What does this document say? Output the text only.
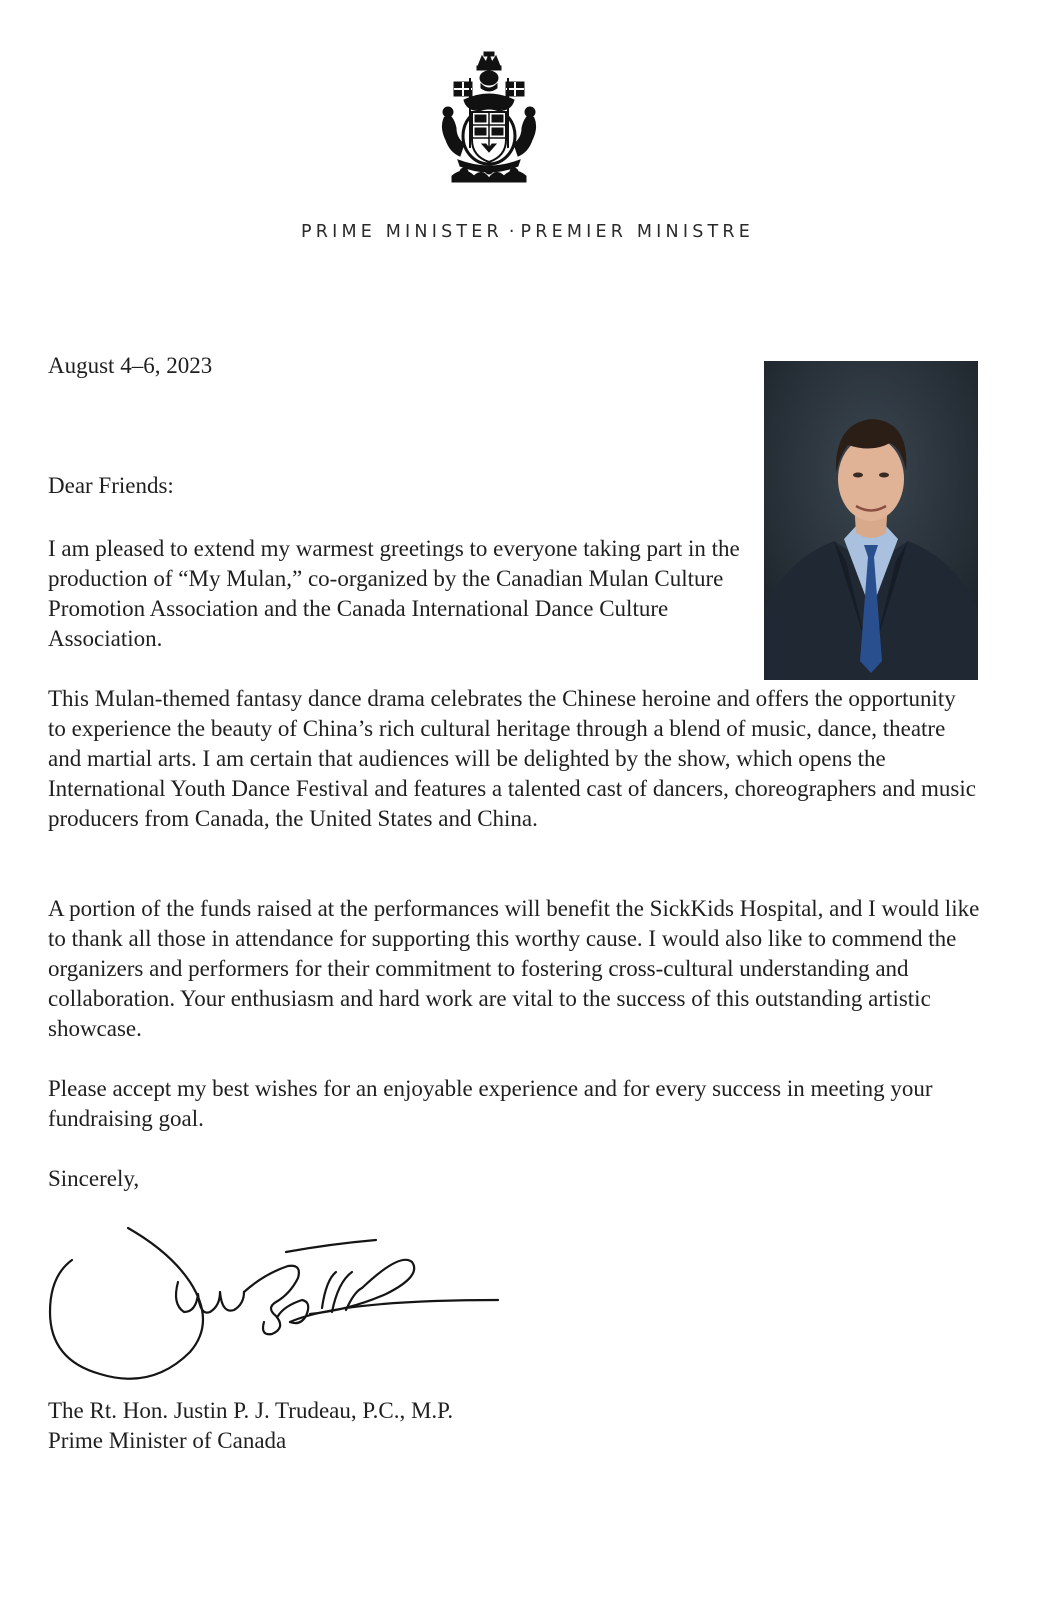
PRIME MINISTER · PREMIER MINISTRE
August 4–6, 2023
Dear Friends:

I am pleased to extend my warmest greetings to everyone taking part in the production of “My Mulan,” co-organized by the Canadian Mulan Culture Promotion Association and the Canada International Dance Culture Association.

This Mulan-themed fantasy dance drama celebrates the Chinese heroine and offers the opportunity to experience the beauty of China’s rich cultural heritage through a blend of music, dance, theatre and martial arts. I am certain that audiences will be delighted by the show, which opens the International Youth Dance Festival and features a talented cast of dancers, choreographers and music producers from Canada, the United States and China.

A portion of the funds raised at the performances will benefit the SickKids Hospital, and I would like to thank all those in attendance for supporting this worthy cause. I would also like to commend the organizers and performers for their commitment to fostering cross-cultural understanding and collaboration. Your enthusiasm and hard work are vital to the success of this outstanding artistic showcase.

Please accept my best wishes for an enjoyable experience and for every success in meeting your fundraising goal.

Sincerely,
The Rt. Hon. Justin P. J. Trudeau, P.C., M.P.
Prime Minister of Canada
